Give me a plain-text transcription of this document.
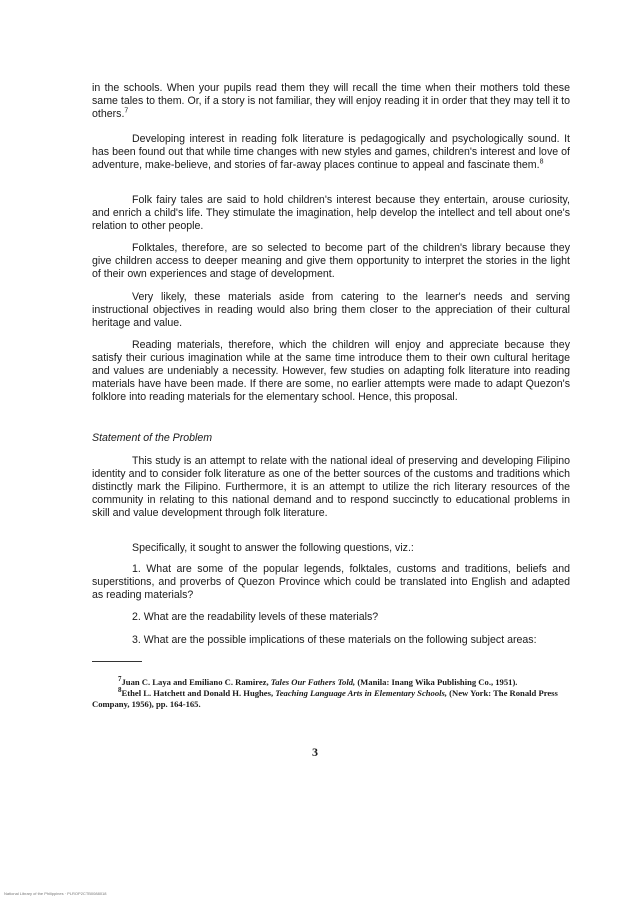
in the schools. When your pupils read them they will recall the time when their mothers told these same tales to them. Or, if a story is not familiar, they will enjoy reading it in order that they may tell it to others.$^7$

Developing interest in reading folk literature is pedagogically and psychologically sound. It has been found out that while time changes with new styles and games, children's interest and love of adventure, make-believe, and stories of far-away places continue to appeal and fascinate them.$^8$

Folk fairy tales are said to hold children's interest because they entertain, arouse curiosity, and enrich a child's life. They stimulate the imagination, help develop the intellect and tell about one's relation to other people.

Folktales, therefore, are so selected to become part of the children's library because they give children access to deeper meaning and give them opportunity to interpret the stories in the light of their own experiences and stage of development.

Very likely, these materials aside from catering to the learner's needs and serving instructional objectives in reading would also bring them closer to the appreciation of their cultural heritage and value.

Reading materials, therefore, which the children will enjoy and appreciate because they satisfy their curious imagination while at the same time introduce them to their own cultural heritage and values are undeniably a necessity. However, few studies on adapting folk literature into reading materials have have been made. If there are some, no earlier attempts were made to adapt Quezon's folklore into reading materials for the elementary school. Hence, this proposal.

Statement of the Problem

This study is an attempt to relate with the national ideal of preserving and developing Filipino identity and to consider folk literature as one of the better sources of the customs and traditions which distinctly mark the Filipino. Furthermore, it is an attempt to utilize the rich literary resources of the community in relating to this national demand and to respond succinctly to educational problems in skill and value development through folk literature.

Specifically, it sought to answer the following questions, viz.:

1. What are some of the popular legends, folktales, customs and traditions, beliefs and superstitions, and proverbs of Quezon Province which could be translated into English and adapted as reading materials?

2. What are the readability levels of these materials?

3. What are the possible implications of these materials on the following subject areas:

$^7$Juan C. Laya and Emiliano C. Ramirez, Tales Our Fathers Told, (Manila: Inang Wika Publishing Co., 1951).

$^8$Ethel L. Hatchett and Donald H. Hughes, Teaching Language Arts in Elementary Schools, (New York: The Ronald Press Company, 1956), pp. 164-165.

3
National Library of the Philippines · PLROP2CTB0088018
